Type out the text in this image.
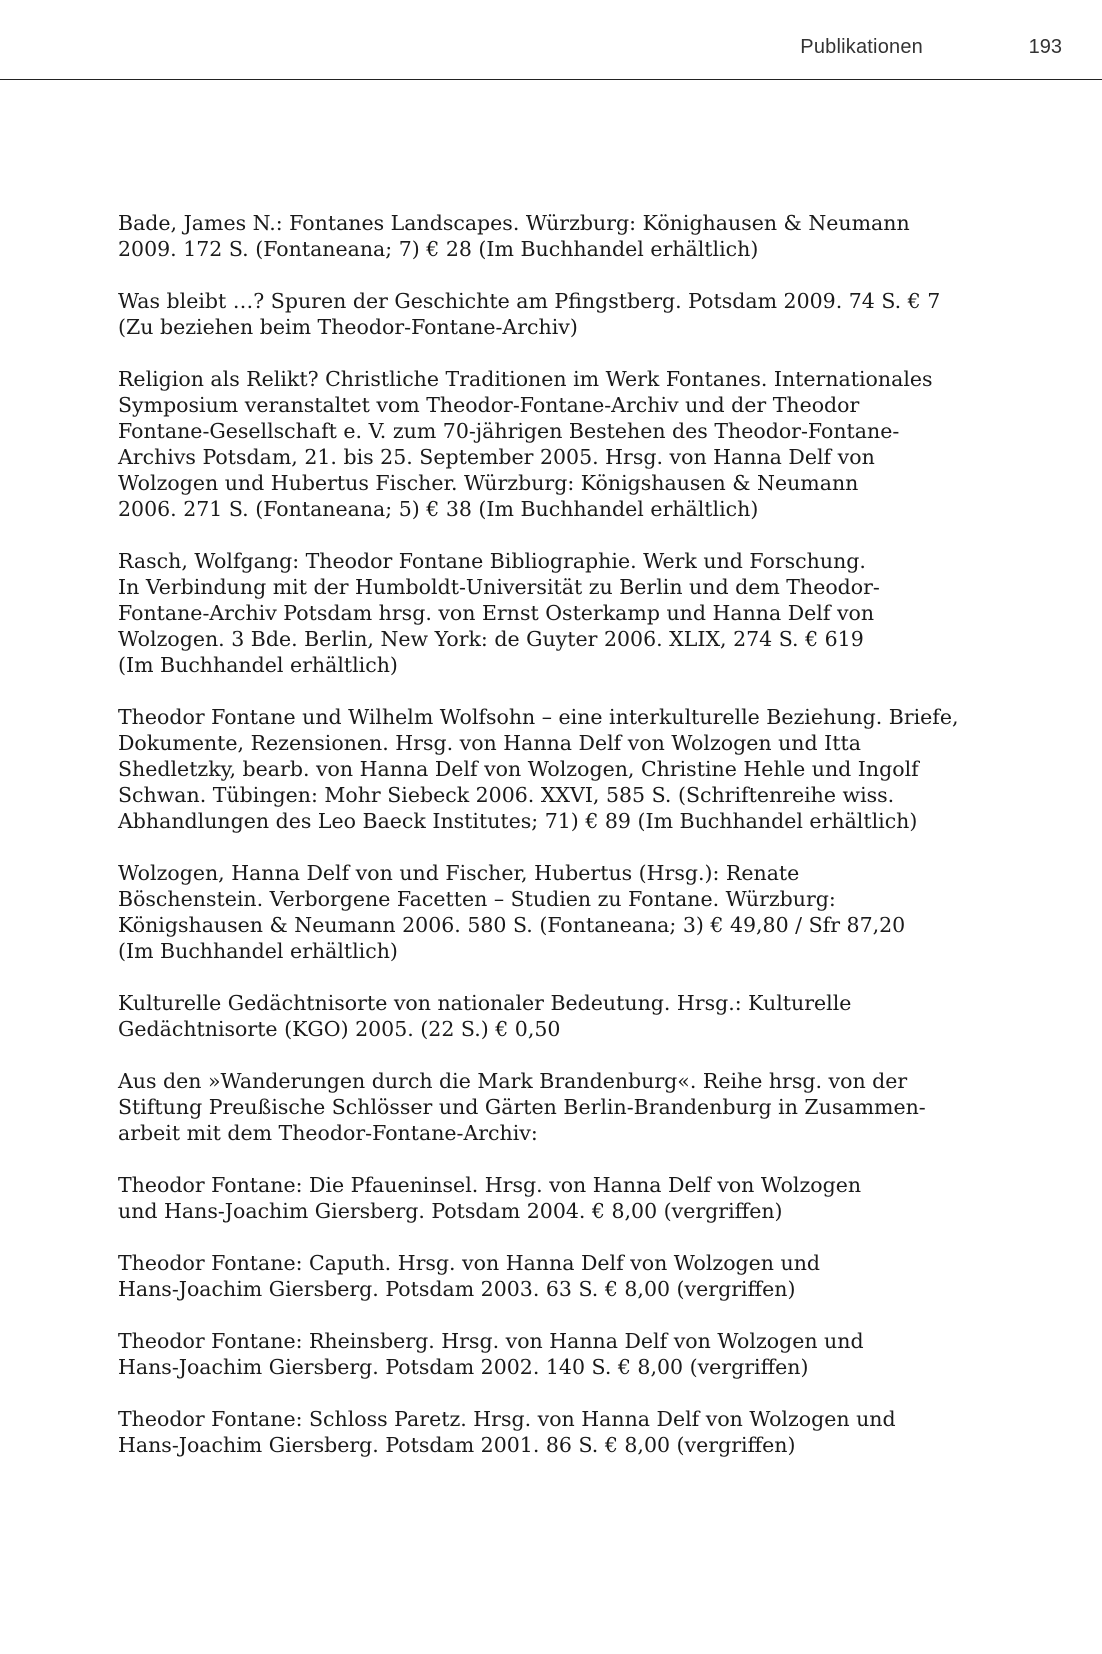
Publikationen	193

Bade, James N.: Fontanes Landscapes. Würzburg: Könighausen & Neumann
2009. 172 S. (Fontaneana; 7) € 28 (Im Buchhandel erhältlich)

Was bleibt …? Spuren der Geschichte am Pfingstberg. Potsdam 2009. 74 S. € 7
(Zu beziehen beim Theodor-Fontane-Archiv)

Religion als Relikt? Christliche Traditionen im Werk Fontanes. Internationales
Symposium veranstaltet vom Theodor-Fontane-Archiv und der Theodor
Fontane-Gesellschaft e. V. zum 70-jährigen Bestehen des Theodor-Fontane-
Archivs Potsdam, 21. bis 25. September 2005. Hrsg. von Hanna Delf von
Wolzogen und Hubertus Fischer. Würzburg: Königshausen & Neumann
2006. 271 S. (Fontaneana; 5) € 38 (Im Buchhandel erhältlich)

Rasch, Wolfgang: Theodor Fontane Bibliographie. Werk und Forschung.
In Verbindung mit der Humboldt-Universität zu Berlin und dem Theodor-
Fontane-Archiv Potsdam hrsg. von Ernst Osterkamp und Hanna Delf von
Wolzogen. 3 Bde. Berlin, New York: de Guyter 2006. XLIX, 274 S. € 619
(Im Buchhandel erhältlich)

Theodor Fontane und Wilhelm Wolfsohn – eine interkulturelle Beziehung. Briefe,
Dokumente, Rezensionen. Hrsg. von Hanna Delf von Wolzogen und Itta
Shedletzky, bearb. von Hanna Delf von Wolzogen, Christine Hehle und Ingolf
Schwan. Tübingen: Mohr Siebeck 2006. XXVI, 585 S. (Schriftenreihe wiss.
Abhandlungen des Leo Baeck Institutes; 71) € 89 (Im Buchhandel erhältlich)

Wolzogen, Hanna Delf von und Fischer, Hubertus (Hrsg.): Renate
Böschenstein. Verborgene Facetten – Studien zu Fontane. Würzburg:
Königshausen & Neumann 2006. 580 S. (Fontaneana; 3) € 49,80 / Sfr 87,20
(Im Buchhandel erhältlich)

Kulturelle Gedächtnisorte von nationaler Bedeutung. Hrsg.: Kulturelle
Gedächtnisorte (KGO) 2005. (22 S.) € 0,50

Aus den »Wanderungen durch die Mark Brandenburg«. Reihe hrsg. von der
Stiftung Preußische Schlösser und Gärten Berlin-Brandenburg in Zusammen-
arbeit mit dem Theodor-Fontane-Archiv:

Theodor Fontane: Die Pfaueninsel. Hrsg. von Hanna Delf von Wolzogen
und Hans-Joachim Giersberg. Potsdam 2004. € 8,00 (vergriffen)

Theodor Fontane: Caputh. Hrsg. von Hanna Delf von Wolzogen und
Hans-Joachim Giersberg. Potsdam 2003. 63 S. € 8,00 (vergriffen)

Theodor Fontane: Rheinsberg. Hrsg. von Hanna Delf von Wolzogen und
Hans-Joachim Giersberg. Potsdam 2002. 140 S. € 8,00 (vergriffen)

Theodor Fontane: Schloss Paretz. Hrsg. von Hanna Delf von Wolzogen und
Hans-Joachim Giersberg. Potsdam 2001. 86 S. € 8,00 (vergriffen)
